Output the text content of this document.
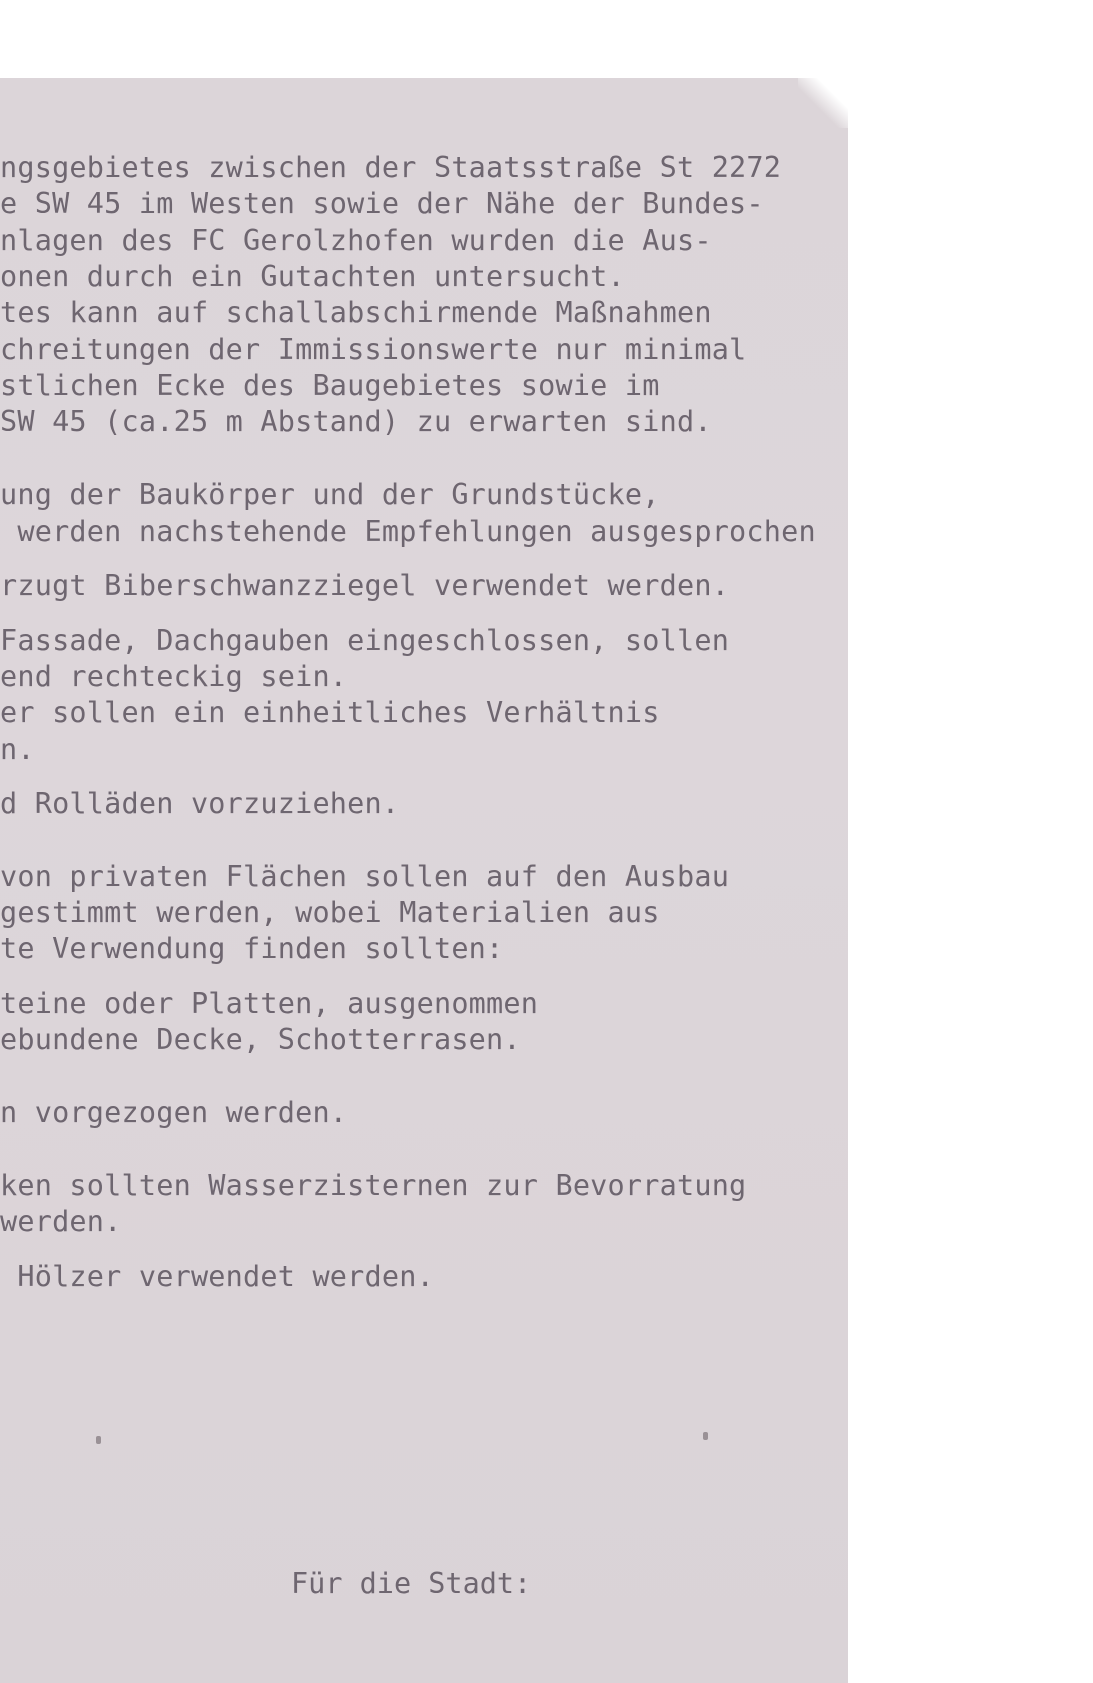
ngsgebietes zwischen der Staatsstraße St 2272
e SW 45 im Westen sowie der Nähe der Bundes-
nlagen des FC Gerolzhofen wurden die Aus-
onen durch ein Gutachten untersucht.
tes kann auf schallabschirmende Maßnahmen
chreitungen der Immissionswerte nur minimal
stlichen Ecke des Baugebietes sowie im
SW 45 (ca.25 m Abstand) zu erwarten sind.
ung der Baukörper und der Grundstücke,
werden nachstehende Empfehlungen ausgesprochen
rzugt Biberschwanzziegel verwendet werden.
Fassade, Dachgauben eingeschlossen, sollen
end rechteckig sein.
er sollen ein einheitliches Verhältnis
n.
d Rolläden vorzuziehen.
von privaten Flächen sollen auf den Ausbau
gestimmt werden, wobei Materialien aus
te Verwendung finden sollten:
teine oder Platten, ausgenommen
ebundene Decke, Schotterrasen.
n vorgezogen werden.
ken sollten Wasserzisternen zur Bevorratung
werden.
Hölzer verwendet werden.
Für die Stadt:
